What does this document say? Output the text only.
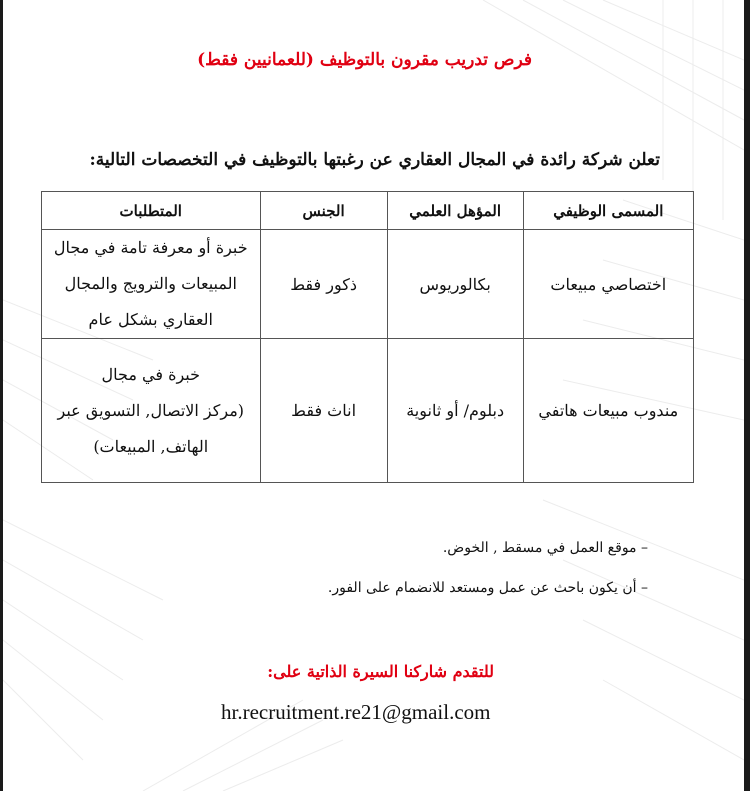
فرص تدريب مقرون بالتوظيف (للعمانيين فقط)
تعلن شركة رائدة في المجال العقاري عن رغبتها بالتوظيف في التخصصات التالية:
المسمى الوظيفي	المؤهل العلمي	الجنس	المتطلبات
اختصاصي مبيعات	بكالوريوس	ذكور فقط	خبرة أو معرفة تامة في مجال
المبيعات والترويج والمجال
العقاري بشكل عام

مندوب مبيعات هاتفي	دبلوم/ أو ثانوية	اناث فقط	خبرة في مجال
(مركز الاتصال, التسويق عبر
الهاتف, المبيعات)
– موقع العمل في مسقط , الخوض.
– أن يكون باحث عن عمل ومستعد للانضمام على الفور.
للتقدم شاركنا السيرة الذاتية على:
hr.recruitment.re21@gmail.com
